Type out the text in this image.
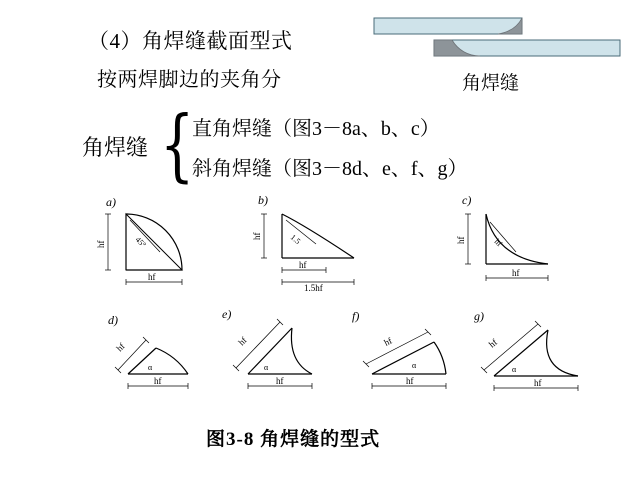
（4）角焊缝截面型式
按两焊脚边的夹角分	角焊缝
角焊缝 {
直角焊缝（图3－8a、b、c）
斜角焊缝（图3－8d、e、f、g）
a)
45°
hf
hf
b)
1.5
hf
hf
1.5hf
c)
hf
hf
hf
d)
α
hf
hf
e)
α
hf
hf
f)
α
hf
hf
g)
α
hf
hf
图3-8 角焊缝的型式
